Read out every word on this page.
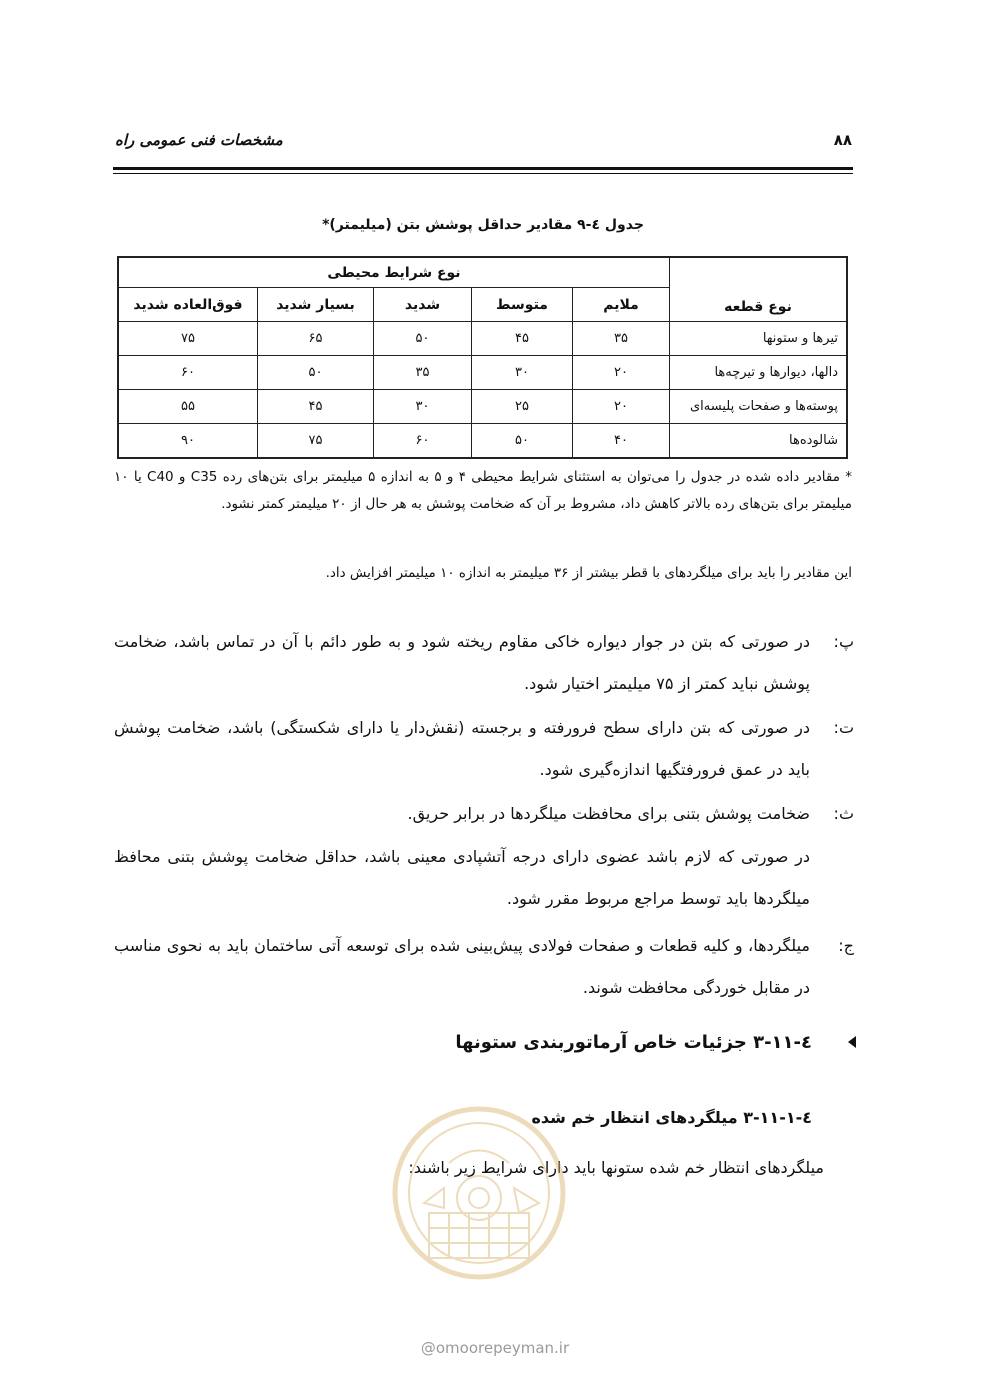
۸۸
مشخصات فنی عمومی راه
جدول ٤-۹ مقادیر حداقل پوشش بتن (میلیمتر)*
نوع قطعه	نوع شرایط محیطی				
	ملایم	متوسط	شدید	بسیار شدید	فوق‌العاده شدید
تیرها و ستونها	۳۵	۴۵	۵۰	۶۵	۷۵
دالها، دیوارها و تیرچه‌ها	۲۰	۳۰	۳۵	۵۰	۶۰
پوسته‌ها و صفحات پلیسه‌ای	۲۰	۲۵	۳۰	۴۵	۵۵
شالوده‌ها	۴۰	۵۰	۶۰	۷۵	۹۰
* مقادیر داده شده در جدول را می‌توان به استثنای شرایط محیطی ۴ و ۵ به اندازه ۵ میلیمتر برای بتن‌های رده C35 و C40 یا ۱۰ میلیمتر برای بتن‌های رده بالاتر کاهش داد، مشروط بر آن که ضخامت پوشش به هر حال از ۲۰ میلیمتر کمتر نشود.
این مقادیر را باید برای میلگردهای با قطر بیشتر از ۳۶ میلیمتر به اندازه ۱۰ میلیمتر افزایش داد.
پ:
در صورتی که بتن در جوار دیواره خاکی مقاوم ریخته شود و به طور دائم با آن در تماس باشد، ضخامت پوشش نباید کمتر از ۷۵ میلیمتر اختیار شود.
ت:
در صورتی که بتن دارای سطح فرورفته و برجسته (نقش‌دار یا دارای شکستگی) باشد، ضخامت پوشش باید در عمق فرورفتگیها اندازه‌گیری شود.
ث:
ضخامت پوشش بتنی برای محافظت میلگردها در برابر حریق.
در صورتی که لازم باشد عضوی دارای درجه آتشپادی معینی باشد، حداقل ضخامت پوشش بتنی محافظ میلگردها باید توسط مراجع مربوط مقرر شود.
ج:
میلگردها، و کلیه قطعات و صفحات فولادی پیش‌بینی شده برای توسعه آتی ساختمان باید به نحوی مناسب در مقابل خوردگی محافظت شوند.
٤-۳-۱۱ جزئیات خاص آرماتوربندی ستونها
٤-۳-۱۱-۱ میلگردهای انتظار خم شده
میلگردهای انتظار خم شده ستونها باید دارای شرایط زیر باشند:
@omoorepeyman.ir
